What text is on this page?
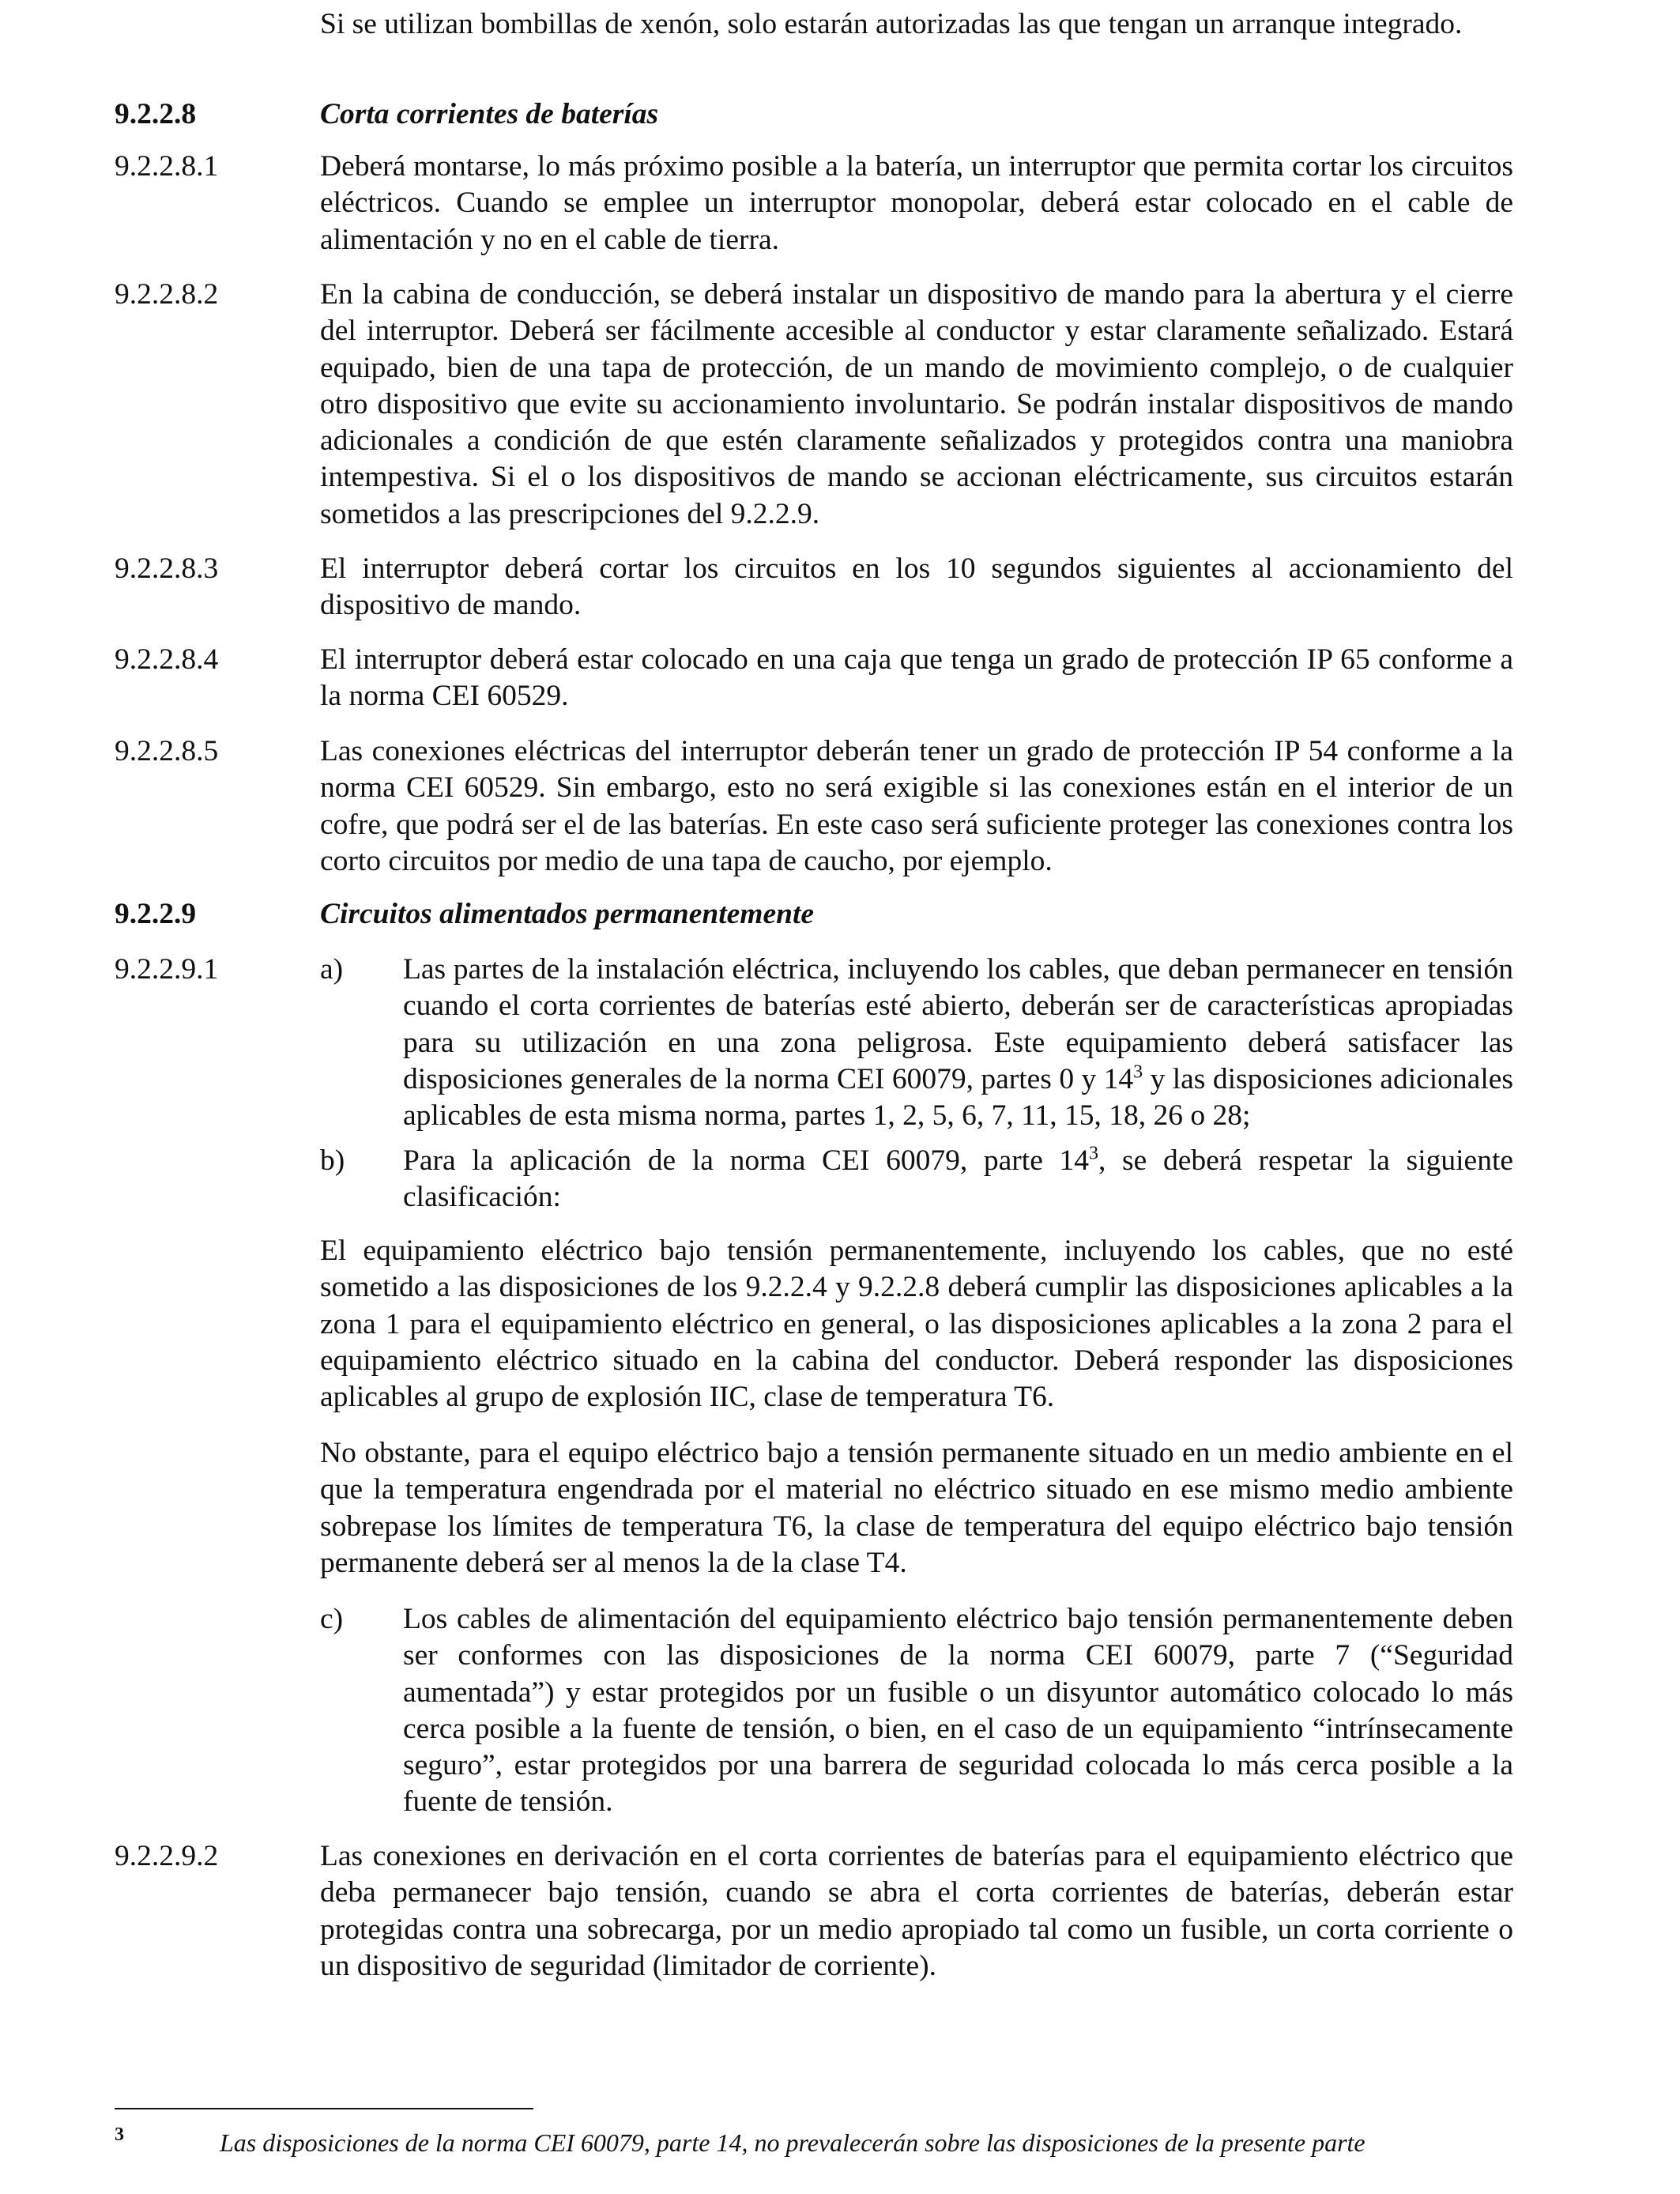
Si se utilizan bombillas de xenón, solo estarán autorizadas las que tengan un arranque integrado.
9.2.2.8	Corta corrientes de baterías
9.2.2.8.1	Deberá montarse, lo más próximo posible a la batería, un interruptor que permita cortar los circuitos eléctricos. Cuando se emplee un interruptor monopolar, deberá estar colocado en el cable de alimentación y no en el cable de tierra.
9.2.2.8.2	En la cabina de conducción, se deberá instalar un dispositivo de mando para la abertura y el cierre del interruptor. Deberá ser fácilmente accesible al conductor y estar claramente señalizado. Estará equipado, bien de una tapa de protección, de un mando de movimiento complejo, o de cualquier otro dispositivo que evite su accionamiento involuntario. Se podrán instalar dispositivos de mando adicionales a condición de que estén claramente señalizados y protegidos contra una maniobra intempestiva. Si el o los dispositivos de mando se accionan eléctricamente, sus circuitos estarán sometidos a las prescripciones del 9.2.2.9.
9.2.2.8.3	El interruptor deberá cortar los circuitos en los 10 segundos siguientes al accionamiento del dispositivo de mando.
9.2.2.8.4	El interruptor deberá estar colocado en una caja que tenga un grado de protección IP 65 conforme a la norma CEI 60529.
9.2.2.8.5	Las conexiones eléctricas del interruptor deberán tener un grado de protección IP 54 conforme a la norma CEI 60529. Sin embargo, esto no será exigible si las conexiones están en el interior de un cofre, que podrá ser el de las baterías. En este caso será suficiente proteger las conexiones contra los corto circuitos por medio de una tapa de caucho, por ejemplo.
9.2.2.9	Circuitos alimentados permanentemente
9.2.2.9.1	a)	Las partes de la instalación eléctrica, incluyendo los cables, que deban permanecer en tensión cuando el corta corrientes de baterías esté abierto, deberán ser de características apropiadas para su utilización en una zona peligrosa. Este equipamiento deberá satisfacer las disposiciones generales de la norma CEI 60079, partes 0 y $14^3$ y las disposiciones adicionales aplicables de esta misma norma, partes 1, 2, 5, 6, 7, 11, 15, 18, 26 o 28;
b)	Para la aplicación de la norma CEI 60079, parte $14^3$, se deberá respetar la siguiente clasificación:
El equipamiento eléctrico bajo tensión permanentemente, incluyendo los cables, que no esté sometido a las disposiciones de los 9.2.2.4 y 9.2.2.8 deberá cumplir las disposiciones aplicables a la zona 1 para el equipamiento eléctrico en general, o las disposiciones aplicables a la zona 2 para el equipamiento eléctrico situado en la cabina del conductor. Deberá responder las disposiciones aplicables al grupo de explosión IIC, clase de temperatura T6.
No obstante, para el equipo eléctrico bajo a tensión permanente situado en un medio ambiente en el que la temperatura engendrada por el material no eléctrico situado en ese mismo medio ambiente sobrepase los límites de temperatura T6, la clase de temperatura del equipo eléctrico bajo tensión permanente deberá ser al menos la de la clase T4.
c)	Los cables de alimentación del equipamiento eléctrico bajo tensión permanentemente deben ser conformes con las disposiciones de la norma CEI 60079, parte 7 (“Seguridad aumentada”) y estar protegidos por un fusible o un disyuntor automático colocado lo más cerca posible a la fuente de tensión, o bien, en el caso de un equipamiento “intrínsecamente seguro”, estar protegidos por una barrera de seguridad colocada lo más cerca posible a la fuente de tensión.
9.2.2.9.2	Las conexiones en derivación en el corta corrientes de baterías para el equipamiento eléctrico que deba permanecer bajo tensión, cuando se abra el corta corrientes de baterías, deberán estar protegidas contra una sobrecarga, por un medio apropiado tal como un fusible, un corta corriente o un dispositivo de seguridad (limitador de corriente).
3	Las disposiciones de la norma CEI 60079, parte 14, no prevalecerán sobre las disposiciones de la presente parte
